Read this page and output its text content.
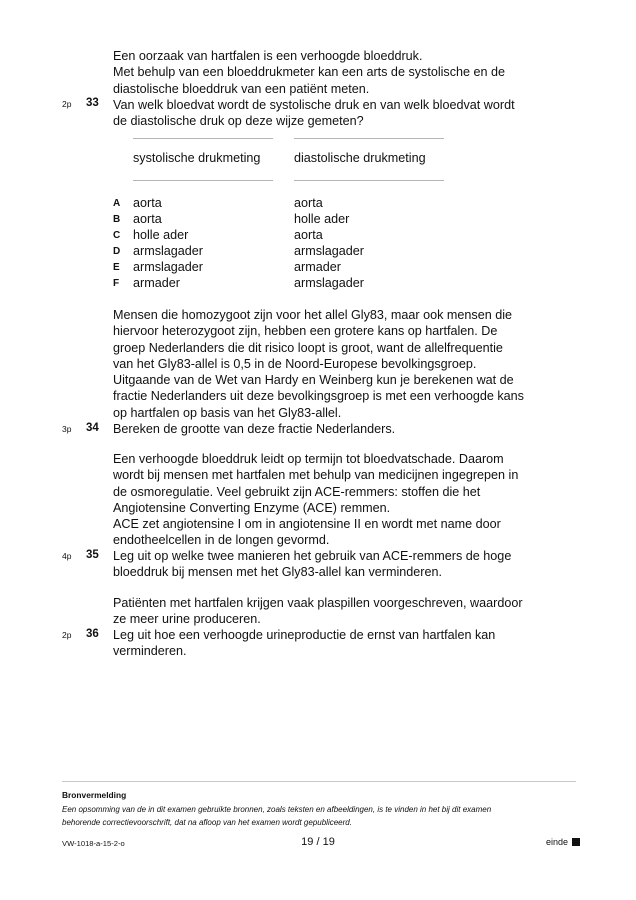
Een oorzaak van hartfalen is een verhoogde bloeddruk.
Met behulp van een bloeddrukmeter kan een arts de systolische en de
diastolische bloeddruk van een patiënt meten.
2p 33 Van welk bloedvat wordt de systolische druk en van welk bloedvat wordt
de diastolische druk op deze wijze gemeten?
systolische drukmeting	diastolische drukmeting
A aorta	aorta
B aorta	holle ader
C holle ader	aorta
D armslagader	armslagader
E armslagader	armader
F armader	armslagader
Mensen die homozygoot zijn voor het allel Gly83, maar ook mensen die
hiervoor heterozygoot zijn, hebben een grotere kans op hartfalen. De
groep Nederlanders die dit risico loopt is groot, want de allelfrequentie
van het Gly83-allel is 0,5 in de Noord-Europese bevolkingsgroep.
Uitgaande van de Wet van Hardy en Weinberg kun je berekenen wat de
fractie Nederlanders uit deze bevolkingsgroep is met een verhoogde kans
op hartfalen op basis van het Gly83-allel.
3p 34 Bereken de grootte van deze fractie Nederlanders.
Een verhoogde bloeddruk leidt op termijn tot bloedvatschade. Daarom
wordt bij mensen met hartfalen met behulp van medicijnen ingegrepen in
de osmoregulatie. Veel gebruikt zijn ACE-remmers: stoffen die het
Angiotensine Converting Enzyme (ACE) remmen.
ACE zet angiotensine I om in angiotensine II en wordt met name door
endotheelcellen in de longen gevormd.
4p 35 Leg uit op welke twee manieren het gebruik van ACE-remmers de hoge
bloeddruk bij mensen met het Gly83-allel kan verminderen.
Patiënten met hartfalen krijgen vaak plaspillen voorgeschreven, waardoor
ze meer urine produceren.
2p 36 Leg uit hoe een verhoogde urineproductie de ernst van hartfalen kan
verminderen.
Bronvermelding
Een opsomming van de in dit examen gebruikte bronnen, zoals teksten en afbeeldingen, is te vinden in het bij dit examen
behorende correctievoorschrift, dat na afloop van het examen wordt gepubliceerd.
VW-1018-a-15-2-o	19 / 19	einde
